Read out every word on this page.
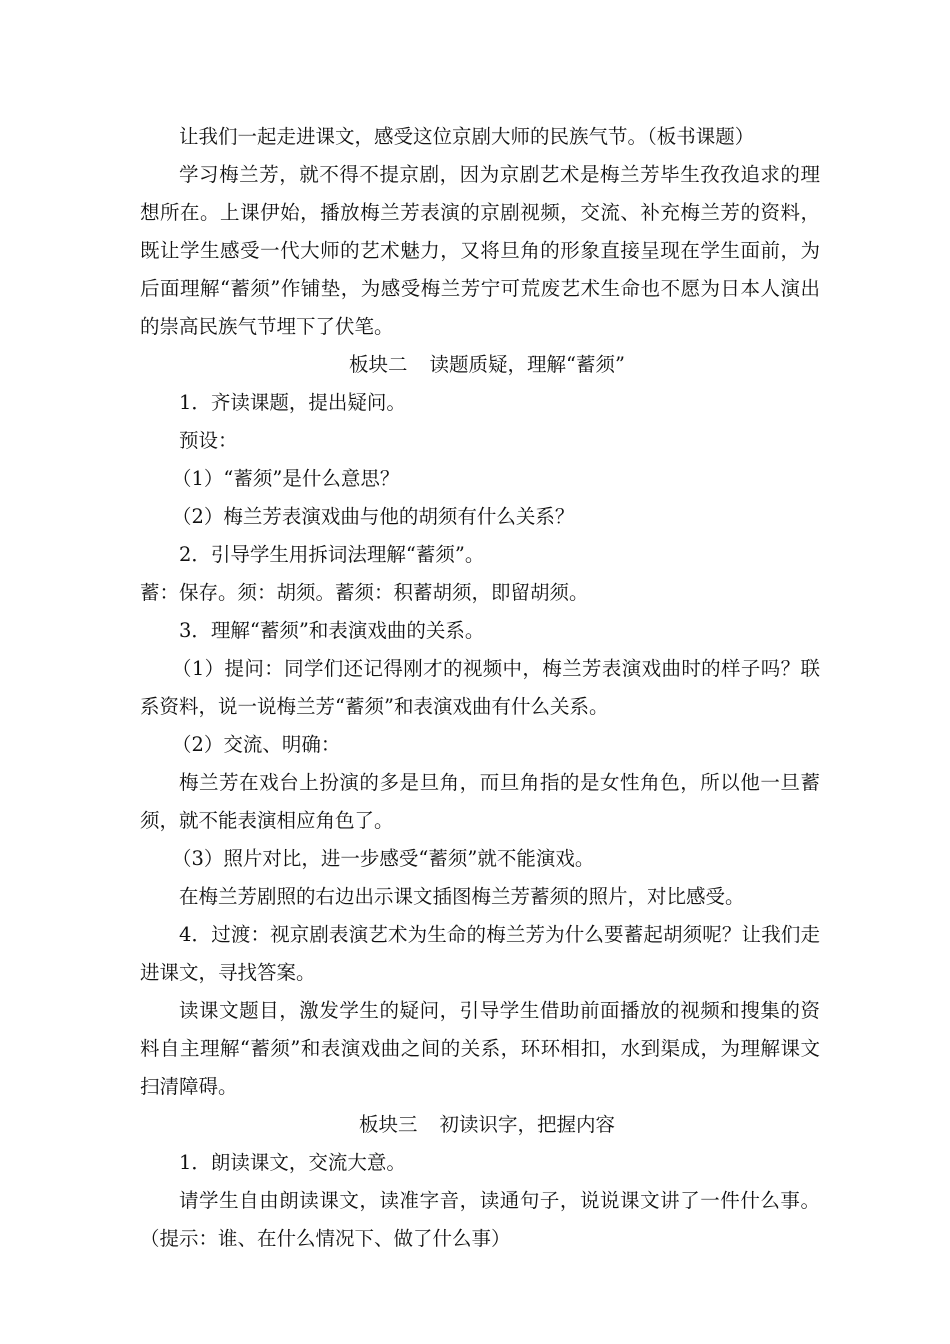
让我们一起走进课文，感受这位京剧大师的民族气节。（板书课题）

学习梅兰芳，就不得不提京剧，因为京剧艺术是梅兰芳毕生孜孜追求的理想所在。上课伊始，播放梅兰芳表演的京剧视频，交流、补充梅兰芳的资料，既让学生感受一代大师的艺术魅力，又将旦角的形象直接呈现在学生面前，为后面理解“蓄须”作铺垫，为感受梅兰芳宁可荒废艺术生命也不愿为日本人演出的崇高民族气节埋下了伏笔。

板块二 读题质疑，理解“蓄须”

1．齐读课题，提出疑问。

预设：

（1）“蓄须”是什么意思？

（2）梅兰芳表演戏曲与他的胡须有什么关系？

2．引导学生用拆词法理解“蓄须”。

蓄：保存。须：胡须。蓄须：积蓄胡须，即留胡须。

3．理解“蓄须”和表演戏曲的关系。

（1）提问：同学们还记得刚才的视频中，梅兰芳表演戏曲时的样子吗？联系资料，说一说梅兰芳“蓄须”和表演戏曲有什么关系。

（2）交流、明确：

梅兰芳在戏台上扮演的多是旦角，而旦角指的是女性角色，所以他一旦蓄须，就不能表演相应角色了。

（3）照片对比，进一步感受“蓄须”就不能演戏。

在梅兰芳剧照的右边出示课文插图梅兰芳蓄须的照片，对比感受。

4．过渡：视京剧表演艺术为生命的梅兰芳为什么要蓄起胡须呢？让我们走进课文，寻找答案。

读课文题目，激发学生的疑问，引导学生借助前面播放的视频和搜集的资料自主理解“蓄须”和表演戏曲之间的关系，环环相扣，水到渠成，为理解课文扫清障碍。

板块三 初读识字，把握内容

1．朗读课文，交流大意。

请学生自由朗读课文，读准字音，读通句子，说说课文讲了一件什么事。（提示：谁、在什么情况下、做了什么事）
